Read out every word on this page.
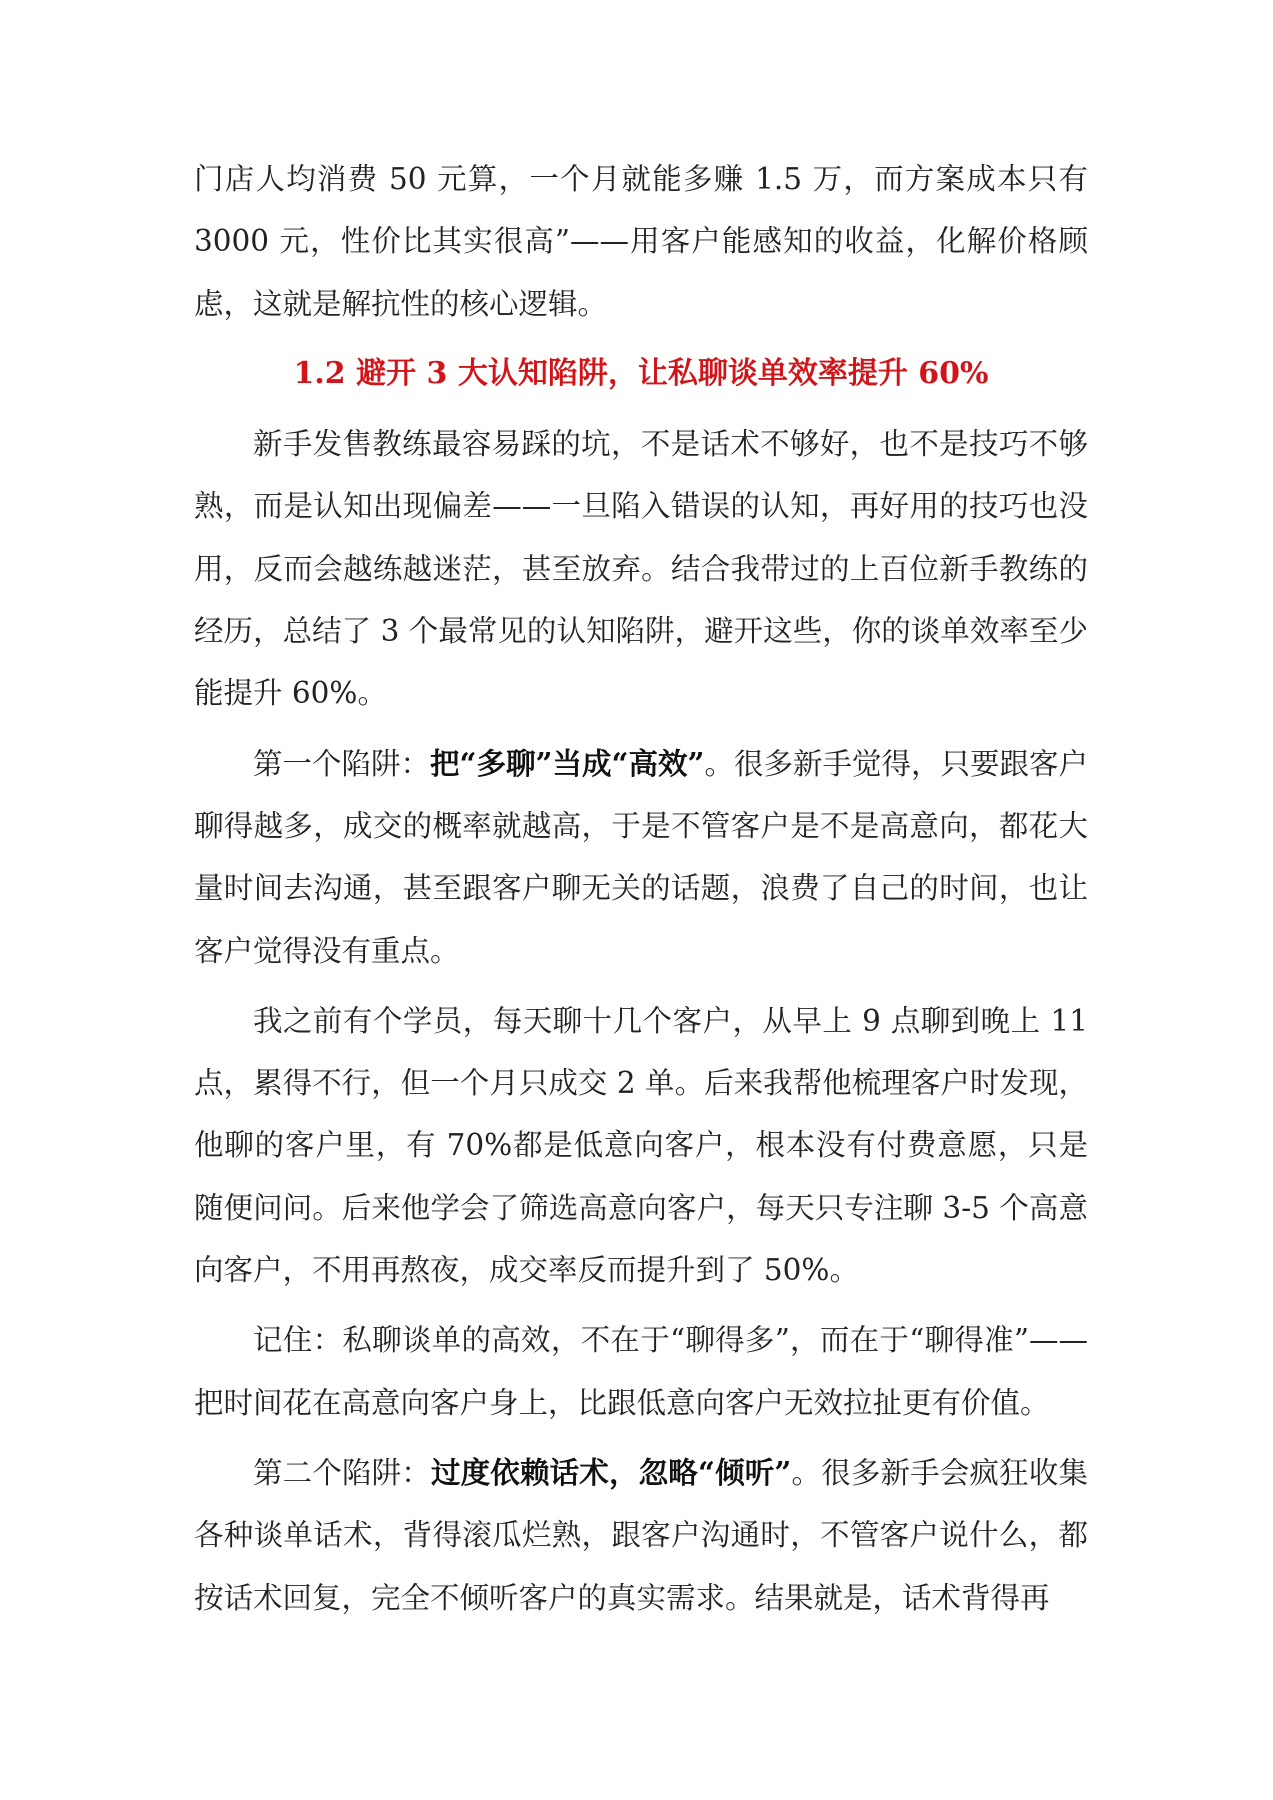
门店人均消费 50 元算，一个月就能多赚 1.5 万，而方案成本只有 3000 元，性价比其实很高”——用客户能感知的收益，化解价格顾虑，这就是解抗性的核心逻辑。

1.2 避开 3 大认知陷阱，让私聊谈单效率提升 60%

新手发售教练最容易踩的坑，不是话术不够好，也不是技巧不够熟，而是认知出现偏差——一旦陷入错误的认知，再好用的技巧也没用，反而会越练越迷茫，甚至放弃。结合我带过的上百位新手教练的经历，总结了 3 个最常见的认知陷阱，避开这些，你的谈单效率至少能提升 60%。

第一个陷阱：把“多聊”当成“高效”。很多新手觉得，只要跟客户聊得越多，成交的概率就越高，于是不管客户是不是高意向，都花大量时间去沟通，甚至跟客户聊无关的话题，浪费了自己的时间，也让客户觉得没有重点。

我之前有个学员，每天聊十几个客户，从早上 9 点聊到晚上 11 点，累得不行，但一个月只成交 2 单。后来我帮他梳理客户时发现，他聊的客户里，有 70%都是低意向客户，根本没有付费意愿，只是随便问问。后来他学会了筛选高意向客户，每天只专注聊 3-5 个高意向客户，不用再熬夜，成交率反而提升到了 50%。

记住：私聊谈单的高效，不在于“聊得多”，而在于“聊得准”——把时间花在高意向客户身上，比跟低意向客户无效拉扯更有价值。

第二个陷阱：过度依赖话术，忽略“倾听”。很多新手会疯狂收集各种谈单话术，背得滚瓜烂熟，跟客户沟通时，不管客户说什么，都按话术回复，完全不倾听客户的真实需求。结果就是，话术背得再
